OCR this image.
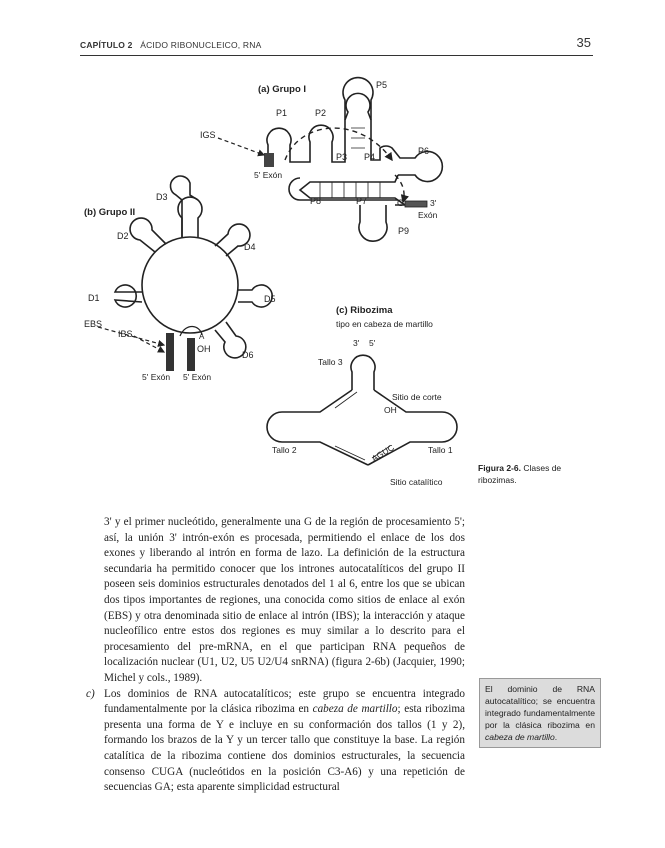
CAPÍTULO 2 ÁCIDO RIBONUCLEICO, RNA	35
(a) Grupo I
P1	P2
P3 P4
P5
P6
P7
P8
P9
IGS
5' Exón
G	3'
Exón
(b) Grupo II
D1
D2
D3
D4
D5
D6
EBS
IBS	A
OH
5' Exón 5' Exón
(c) Ribozima
tipo en cabeza de martillo
3' 5'
Tallo 3
Tallo 2	Tallo 1
Sitio de corte
OH
AGUC
Sitio catalítico
Figura 2-6. Clases de ribozimas.

3' y el primer nucleótido, generalmente una G de la región de procesamiento 5'; así, la unión 3' intrón-exón es procesada, permitiendo el enlace de los dos exones y liberando al intrón en forma de lazo. La definición de la estructura secundaria ha permitido conocer que los intrones autocatalíticos del grupo II poseen seis dominios estructurales denotados del 1 al 6, entre los que se ubican dos tipos importantes de regiones, una conocida como sitios de enlace al exón (EBS) y otra denominada sitio de enlace al intrón (IBS); la interacción y ataque nucleofílico entre estos dos regiones es muy similar a lo descrito para el procesamiento del pre-mRNA, en el que participan RNA pequeños de localización nuclear (U1, U2, U5 U2/U4 snRNA) (figura 2-6b) (Jacquier, 1990; Michel y cols., 1989).

c) Los dominios de RNA autocatalíticos; este grupo se encuentra integrado fundamentalmente por la clásica ribozima en cabeza de martillo; esta ribozima presenta una forma de Y e incluye en su conformación dos tallos (1 y 2), formando los brazos de la Y y un tercer tallo que constituye la base. La región catalítica de la ribozima contiene dos dominios estructurales, la secuencia consenso CUGA (nucleótidos en la posición C3-A6) y una repetición de secuencias GA; esta aparente simplicidad estructural

El dominio de RNA autocatalítico; se encuentra integrado fundamentalmente por la clásica ribozima en cabeza de martillo.
